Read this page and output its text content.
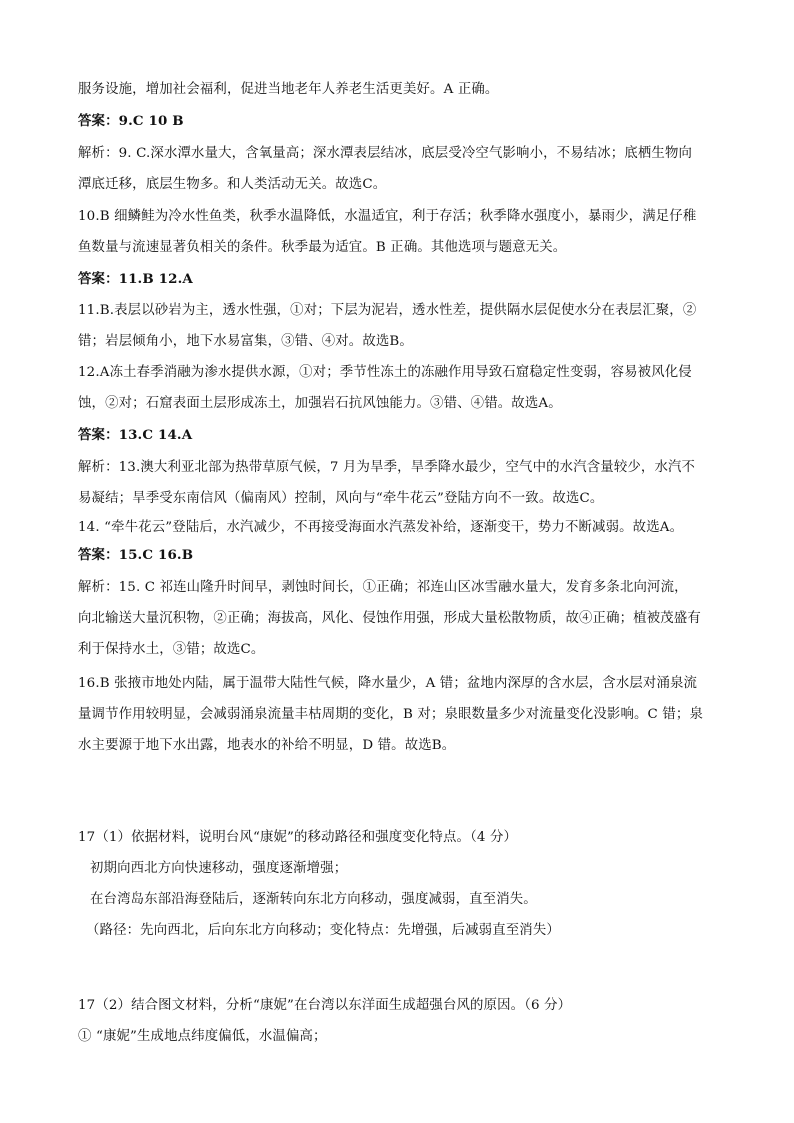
服务设施，增加社会福利，促进当地老年人养老生活更美好。A 正确。
答案：9.C 10 B
解析：9. C.深水潭水量大，含氧量高；深水潭表层结冰，底层受冷空气影响小，不易结冰；底栖生物向
潭底迁移，底层生物多。和人类活动无关。故选C。
10.B 细鳞鲑为冷水性鱼类，秋季水温降低，水温适宜，利于存活；秋季降水强度小，暴雨少，满足仔稚
鱼数量与流速显著负相关的条件。秋季最为适宜。B 正确。其他选项与题意无关。
答案：11.B 12.A
11.B.表层以砂岩为主，透水性强，①对；下层为泥岩，透水性差，提供隔水层促使水分在表层汇聚，②
错；岩层倾角小，地下水易富集，③错、④对。故选B。
12.A冻土春季消融为渗水提供水源，①对；季节性冻土的冻融作用导致石窟稳定性变弱，容易被风化侵
蚀，②对；石窟表面土层形成冻土，加强岩石抗风蚀能力。③错、④错。故选A。
答案：13.C 14.A
解析：13.澳大利亚北部为热带草原气候，7 月为旱季，旱季降水最少，空气中的水汽含量较少，水汽不
易凝结；旱季受东南信风（偏南风）控制，风向与“牵牛花云”登陆方向不一致。故选C。
14. “牵牛花云”登陆后，水汽减少，不再接受海面水汽蒸发补给，逐渐变干，势力不断减弱。故选A。
答案：15.C 16.B
解析：15. C 祁连山隆升时间早，剥蚀时间长，①正确；祁连山区冰雪融水量大，发育多条北向河流，
向北输送大量沉积物，②正确；海拔高，风化、侵蚀作用强，形成大量松散物质，故④正确；植被茂盛有
利于保持水土，③错；故选C。
16.B 张掖市地处内陆，属于温带大陆性气候，降水量少，A 错；盆地内深厚的含水层，含水层对涌泉流
量调节作用较明显，会减弱涌泉流量丰枯周期的变化，B 对；泉眼数量多少对流量变化没影响。C 错；泉
水主要源于地下水出露，地表水的补给不明显，D 错。故选B。
17（1）依据材料，说明台风“康妮”的移动路径和强度变化特点。（4 分）
初期向西北方向快速移动，强度逐渐增强；
在台湾岛东部沿海登陆后，逐渐转向东北方向移动，强度减弱，直至消失。
（路径：先向西北，后向东北方向移动；变化特点：先增强，后减弱直至消失）
17（2）结合图文材料，分析“康妮”在台湾以东洋面生成超强台风的原因。（6 分）
① “康妮”生成地点纬度偏低，水温偏高；
